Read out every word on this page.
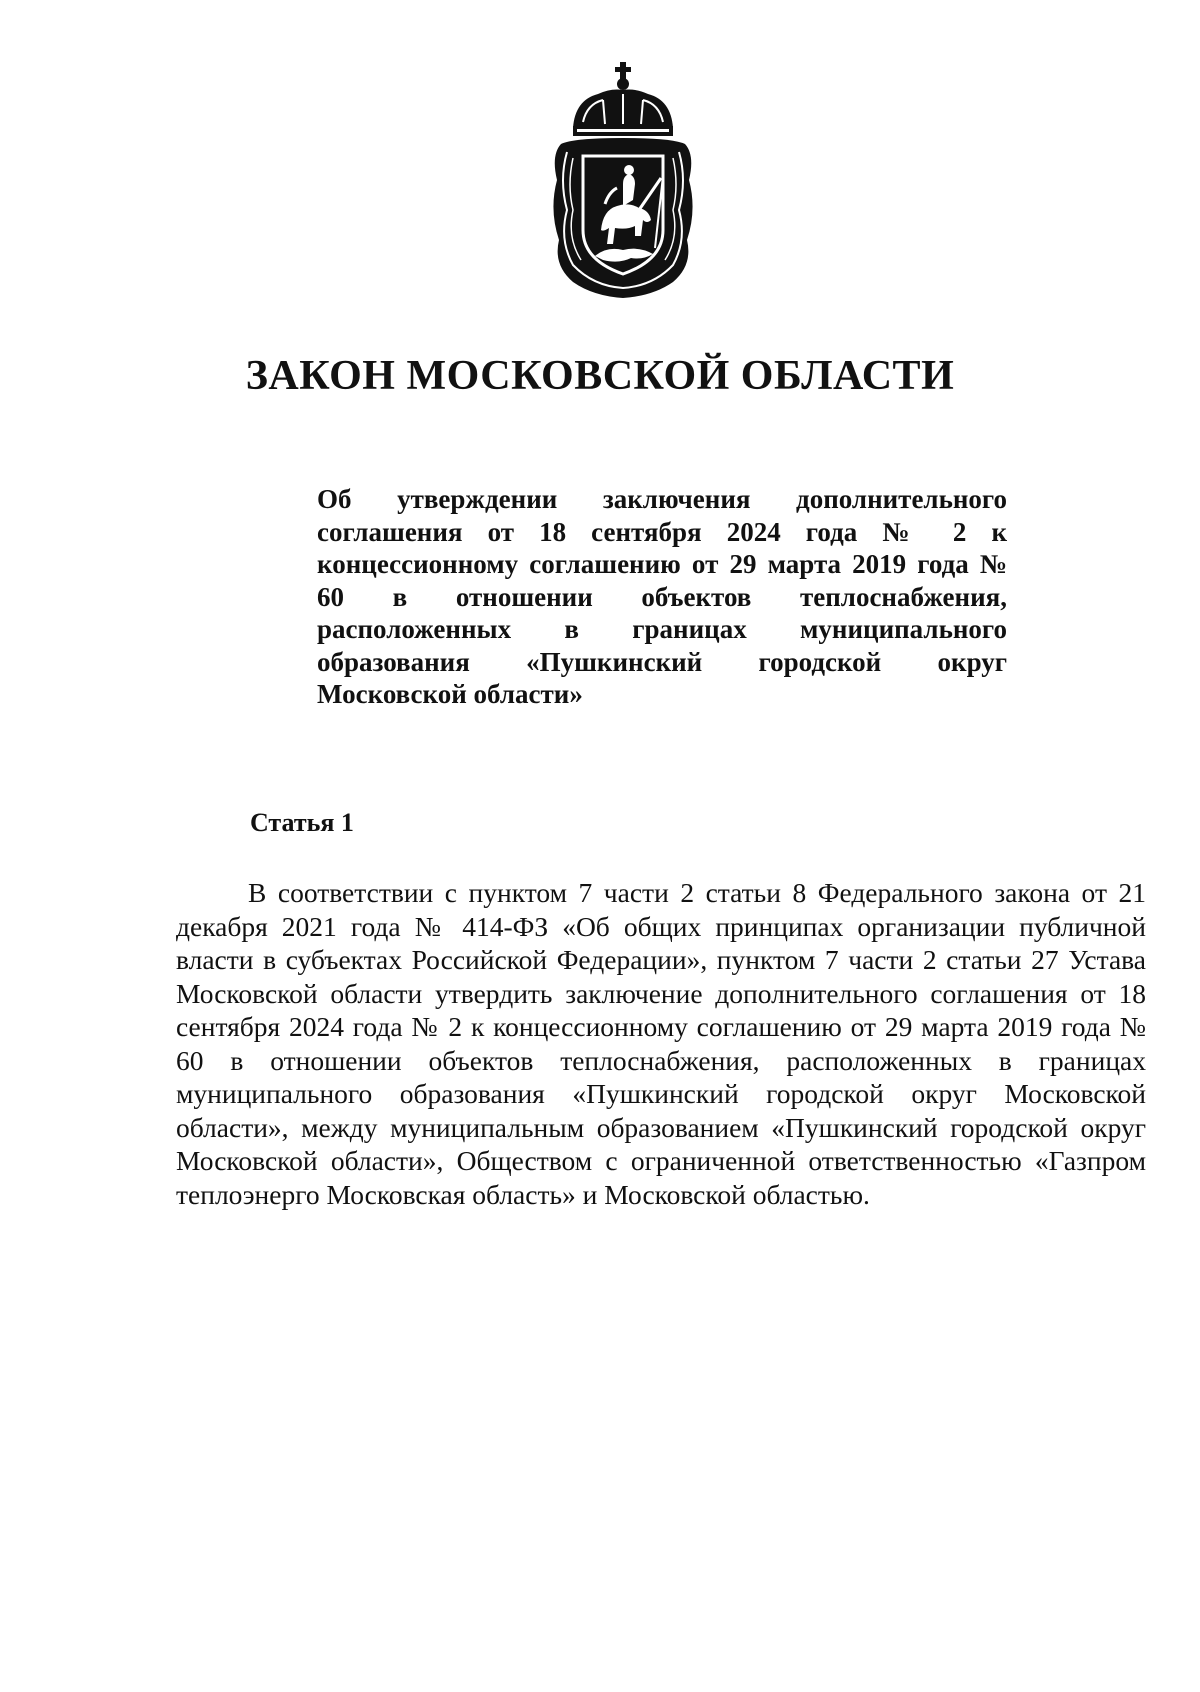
ЗАКОН МОСКОВСКОЙ ОБЛАСТИ

Об утверждении заключения дополнительного соглашения от 18 сентября 2024 года № 2 к концессионному соглашению от 29 марта 2019 года № 60 в отношении объектов теплоснабжения, расположенных в границах муниципального образования «Пушкинский городской округ Московской области»

Статья 1

В соответствии с пунктом 7 части 2 статьи 8 Федерального закона от 21 декабря 2021 года № 414-ФЗ «Об общих принципах организации публичной власти в субъектах Российской Федерации», пунктом 7 части 2 статьи 27 Устава Московской области утвердить заключение дополнительного соглашения от 18 сентября 2024 года № 2 к концессионному соглашению от 29 марта 2019 года № 60 в отношении объектов теплоснабжения, расположенных в границах муниципального образования «Пушкинский городской округ Московской области», между муниципальным образованием «Пушкинский городской округ Московской области», Обществом с ограниченной ответственностью «Газпром теплоэнерго Московская область» и Московской областью.
